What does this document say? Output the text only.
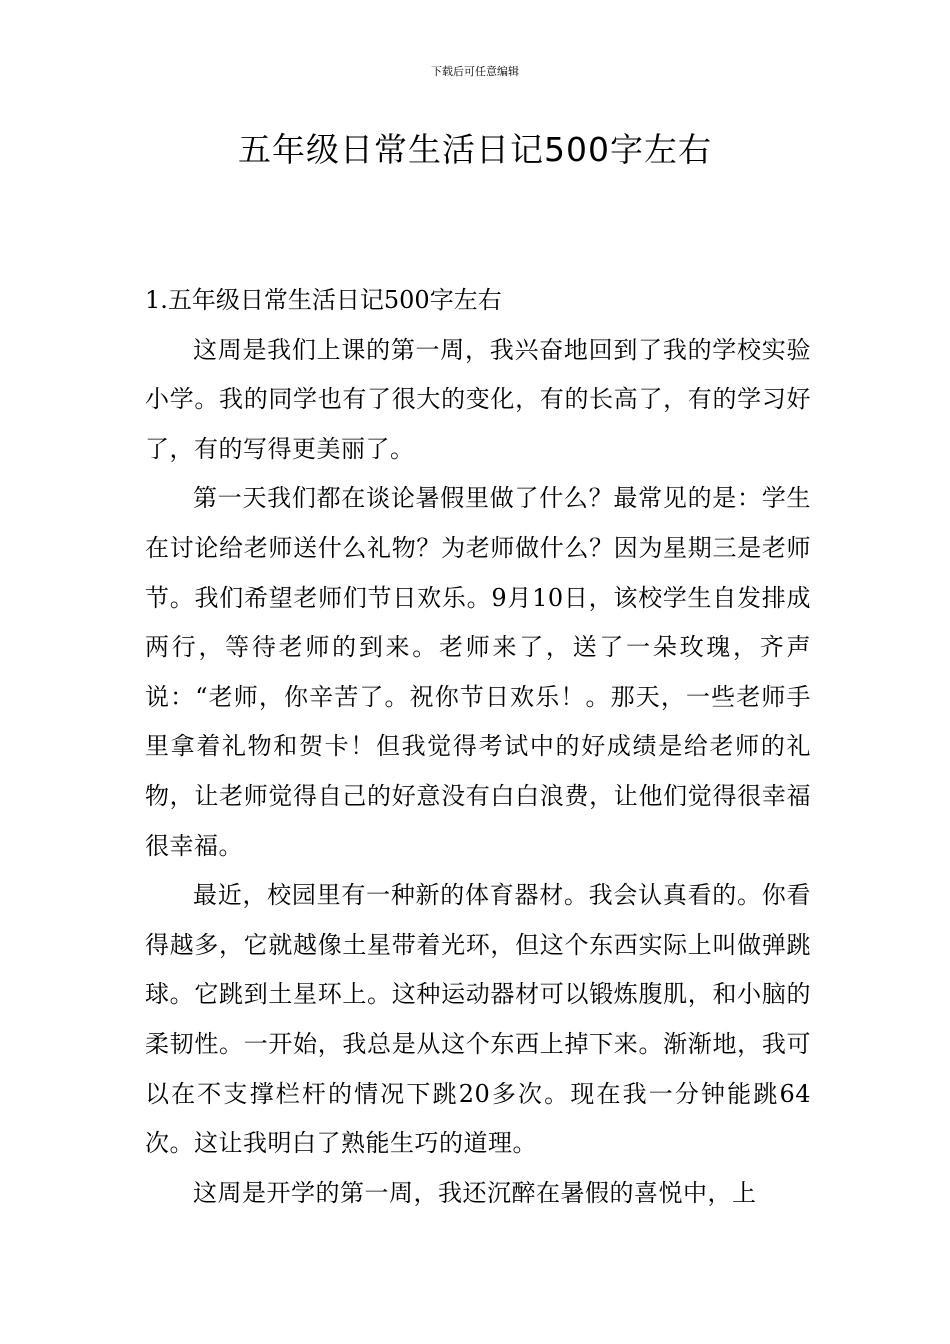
下载后可任意编辑
五年级日常生活日记500字左右

1.五年级日常生活日记500字左右

这周是我们上课的第一周，我兴奋地回到了我的学校实验小学。我的同学也有了很大的变化，有的长高了，有的学习好了，有的写得更美丽了。

第一天我们都在谈论暑假里做了什么？最常见的是：学生在讨论给老师送什么礼物？为老师做什么？因为星期三是老师节。我们希望老师们节日欢乐。9月10日，该校学生自发排成两行，等待老师的到来。老师来了，送了一朵玫瑰，齐声说：“老师，你辛苦了。祝你节日欢乐！。那天，一些老师手里拿着礼物和贺卡！但我觉得考试中的好成绩是给老师的礼物，让老师觉得自己的好意没有白白浪费，让他们觉得很幸福很幸福。

最近，校园里有一种新的体育器材。我会认真看的。你看得越多，它就越像土星带着光环，但这个东西实际上叫做弹跳球。它跳到土星环上。这种运动器材可以锻炼腹肌，和小脑的柔韧性。一开始，我总是从这个东西上掉下来。渐渐地，我可以在不支撑栏杆的情况下跳20多次。现在我一分钟能跳64次。这让我明白了熟能生巧的道理。

这周是开学的第一周，我还沉醉在暑假的喜悦中，上
